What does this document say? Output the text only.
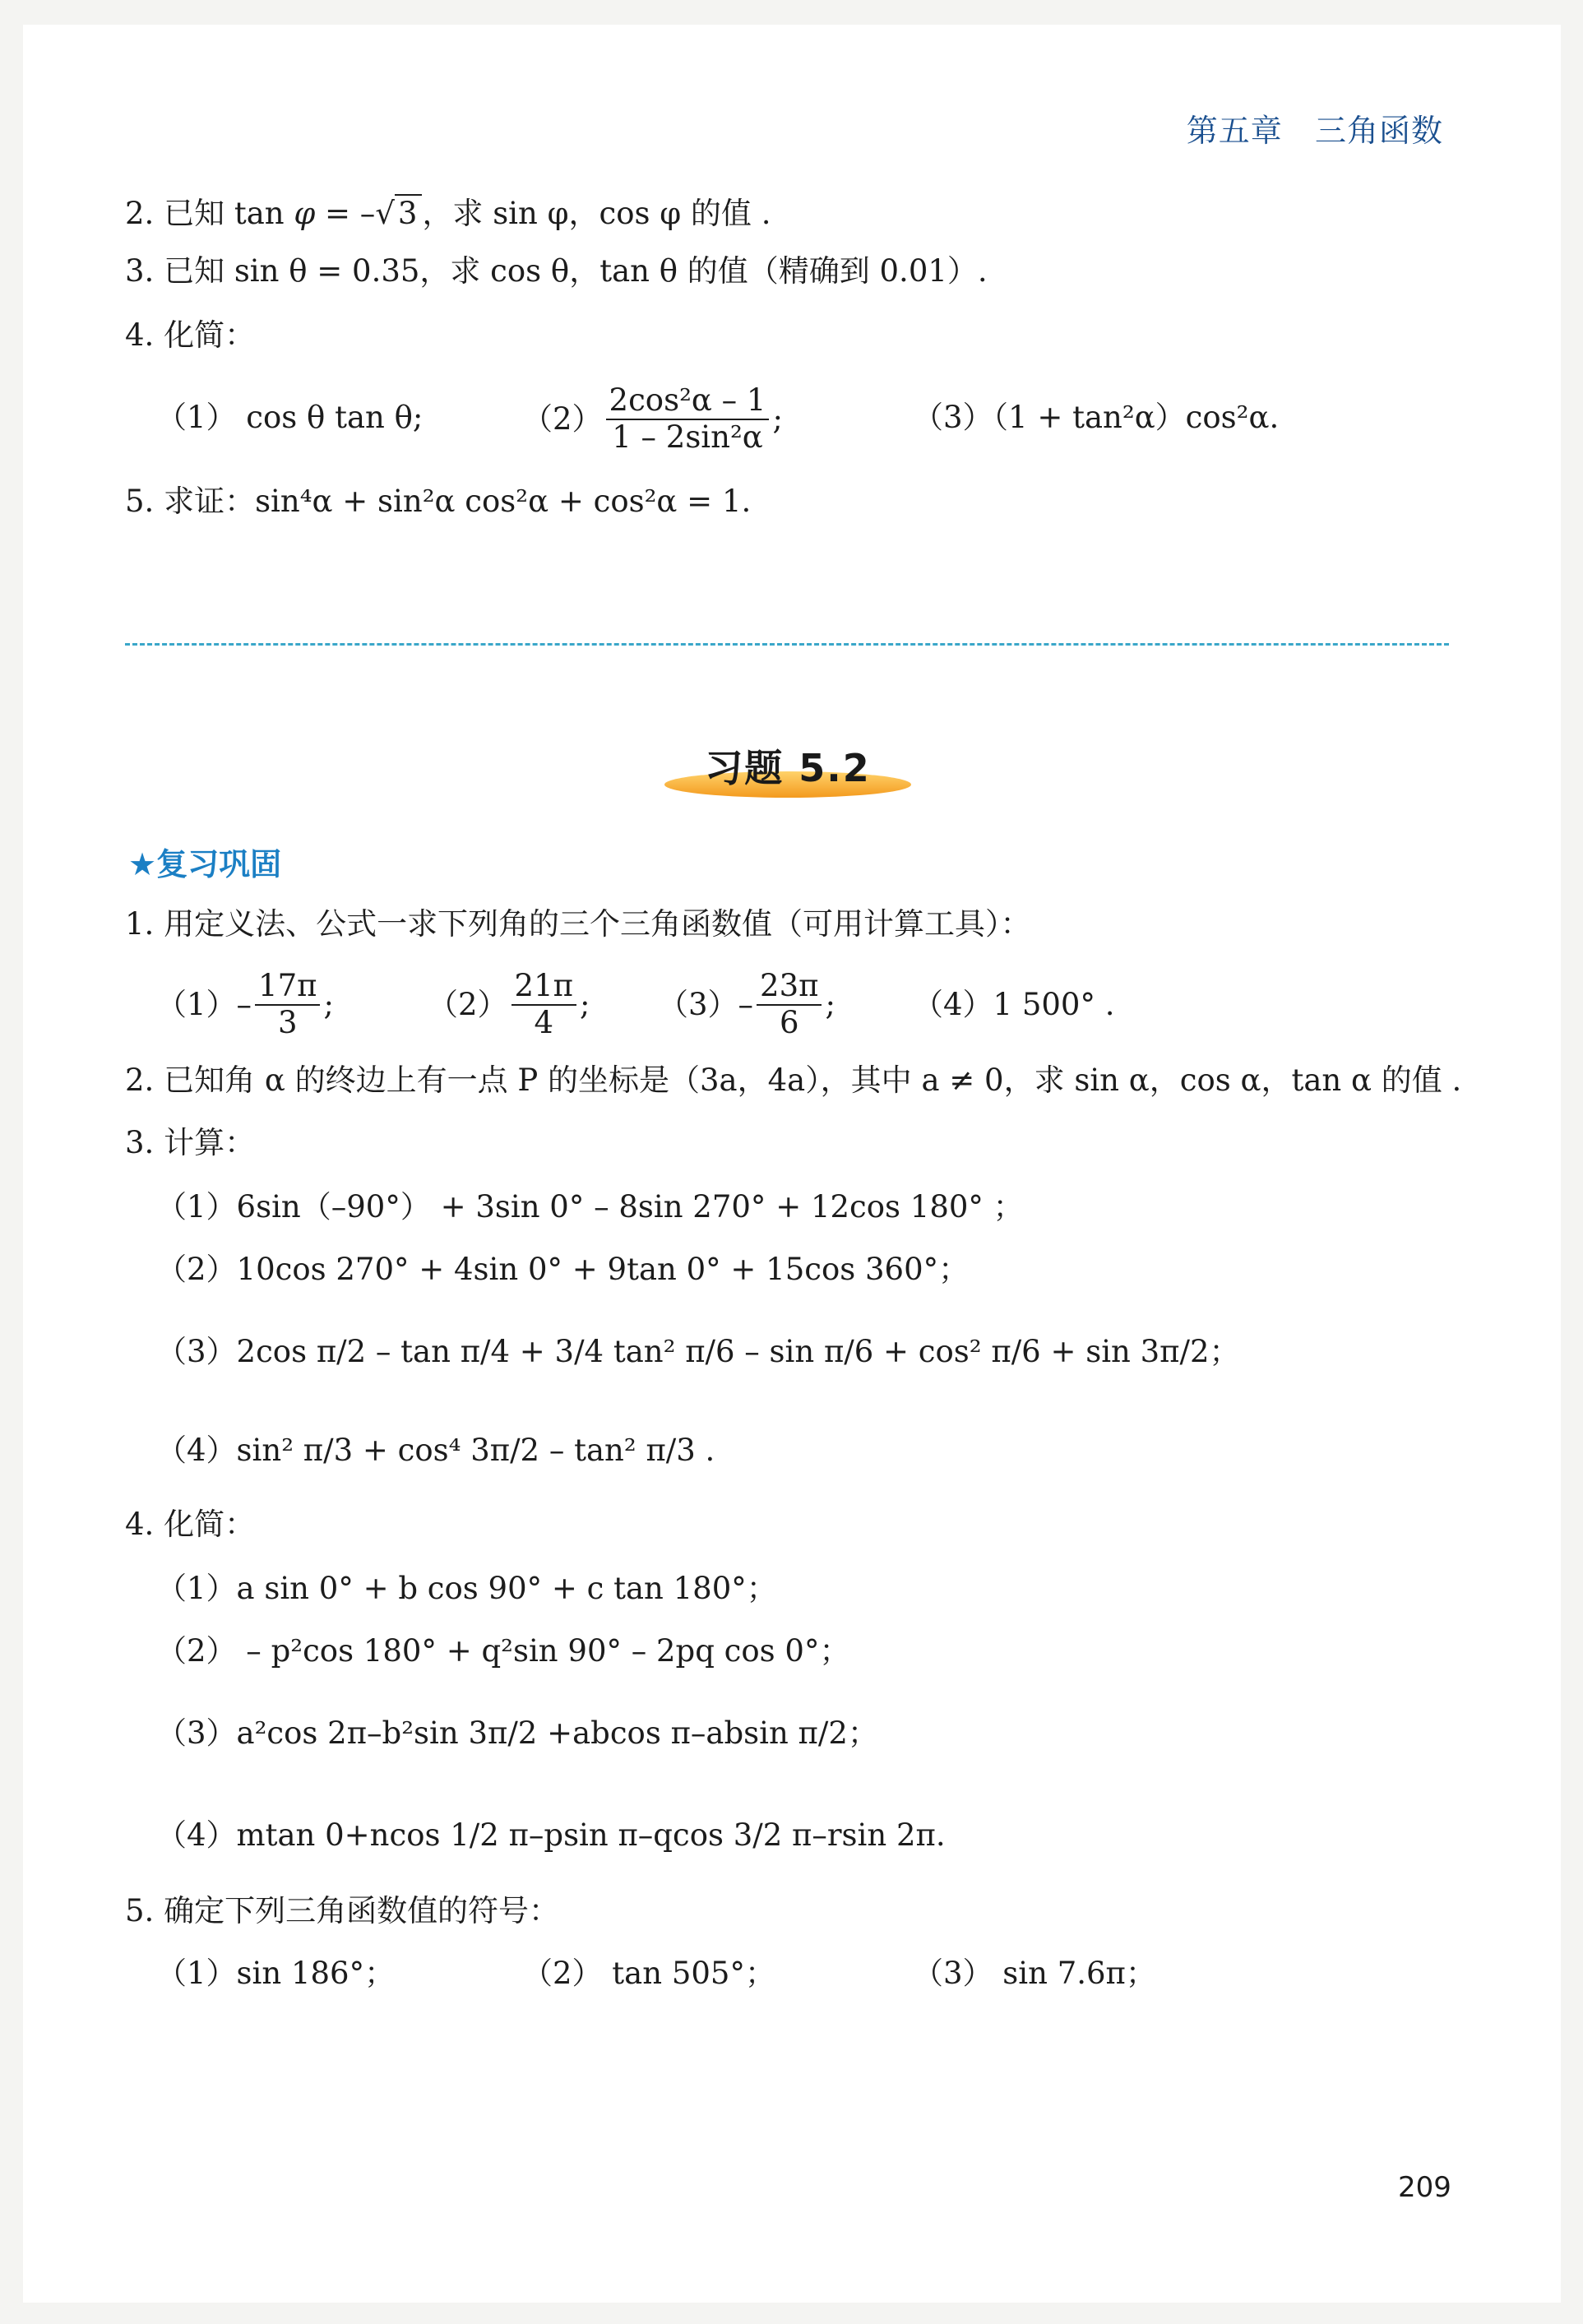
第五章 三角函数
2. 已知 tan φ = –√ 3 ，求 sin φ，cos φ 的值 .
3. 已知 sin θ = 0.35，求 cos θ，tan θ 的值（精确到 0.01）.
4. 化简：
（1） cos θ tan θ;	$(2) \frac{\text{2cos²α – 1}}{\text{1 – 2sin²α}}$ ;	（3）（1 + tan²α）cos²α.
5. 求证：sin⁴α + sin²α cos²α + cos²α = 1.
习题 5.2
★复习巩固
1. 用定义法、公式一求下列角的三个三角函数值（可用计算工具）：
$(1)- \frac{17\pi}{3}$ ;	$(2) \frac{21\pi}{4}$ ; $(3)- \frac{23\pi}{6}$ ;	（4）1 500° .
2. 已知角 α 的终边上有一点 P 的坐标是（3a，4a），其中 a ≠ 0，求 sin α，cos α，tan α 的值 .
3. 计算：
（1）6sin（–90°） + 3sin 0° – 8sin 270° + 12cos 180° ；
（2）10cos 270° + 4sin 0° + 9tan 0° + 15cos 360°；
（3）2cos π/2 – tan π/4 + 3/4 tan² π/6 – sin π/6 + cos² π/6 + sin 3π/2；
（4）sin² π/3 + cos⁴ 3π/2 – tan² π/3 .
4. 化简：
（1）a sin 0° + b cos 90° + c tan 180°；
（2） – p²cos 180° + q²sin 90° – 2pq cos 0°；
（3）a²cos 2π–b²sin 3π/2 +abcos π–absin π/2；
（4）mtan 0+ncos 1/2 π–psin π–qcos 3/2 π–rsin 2π.
5. 确定下列三角函数值的符号：
（1）sin 186°；	（2） tan 505°；	（3） sin 7.6π；
209
